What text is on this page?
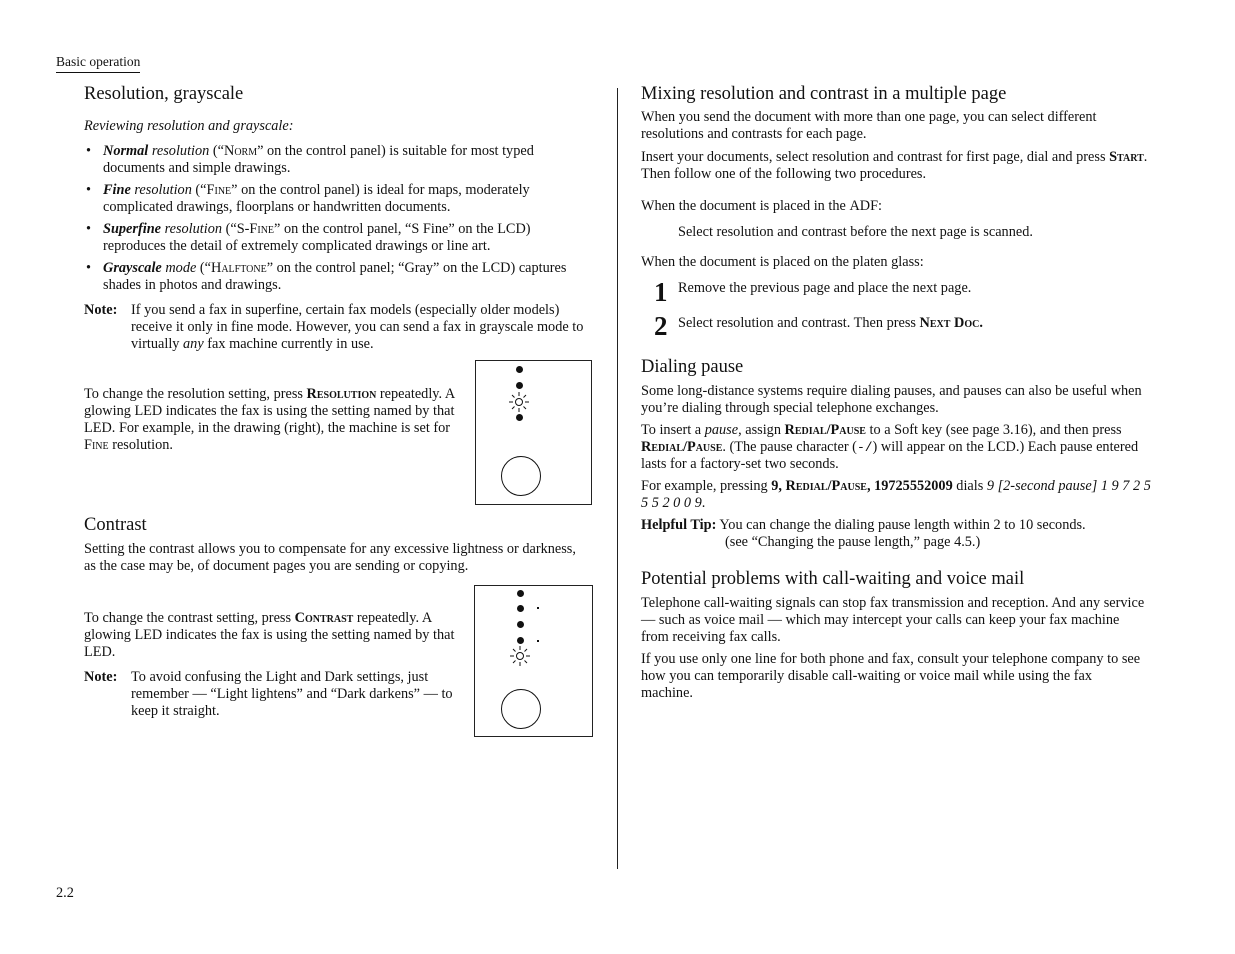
Basic operation
Resolution, grayscale
Reviewing resolution and grayscale:
• Normal resolution (“Norm” on the control panel) is suitable for most typed documents and simple drawings.
• Fine resolution (“Fine” on the control panel) is ideal for maps, moderately complicated drawings, floorplans or handwritten documents.
• Superfine resolution (“S-Fine” on the control panel, “S Fine” on the LCD) reproduces the detail of extremely complicated drawings or line art.
• Grayscale mode (“Halftone” on the control panel; “Gray” on the LCD) captures shades in photos and drawings.
Note: If you send a fax in superfine, certain fax models (especially older models) receive it only in fine mode. However, you can send a fax in grayscale mode to virtually any fax machine currently in use.

To change the resolution setting, press Resolution repeatedly. A glowing LED indicates the fax is using the setting named by that LED. For example, in the drawing (right), the machine is set for Fine resolution.

Contrast

Setting the contrast allows you to compensate for any excessive lightness or darkness, as the case may be, of document pages you are sending or copying.

To change the contrast setting, press Contrast repeatedly. A glowing LED indicates the fax is using the setting named by that LED.

Note: To avoid confusing the Light and Dark settings, just remember — “Light lightens” and “Dark darkens” — to keep it straight.
Mixing resolution and contrast in a multiple page

When you send the document with more than one page, you can select different resolutions and contrasts for each page.

Insert your documents, select resolution and contrast for first page, dial and press Start. Then follow one of the following two procedures.

When the document is placed in the ADF:

Select resolution and contrast before the next page is scanned.

When the document is placed on the platen glass:

1 Remove the previous page and place the next page.

2 Select resolution and contrast. Then press Next Doc.

Dialing pause

Some long-distance systems require dialing pauses, and pauses can also be useful when you’re dialing through special telephone exchanges.

To insert a pause, assign Redial/Pause to a Soft key (see page 3.16), and then press Redial/Pause. (The pause character (-/) will appear on the LCD.) Each pause entered lasts for a factory-set two seconds.

For example, pressing 9, Redial/Pause, 19725552009 dials 9 [2-second pause] 1 9 7 2 5 5 5 2 0 0 9.

Helpful Tip: You can change the dialing pause length within 2 to 10 seconds.
(see “Changing the pause length,” page 4.5.)
Potential problems with call-waiting and voice mail

Telephone call-waiting signals can stop fax transmission and reception. And any service — such as voice mail — which may intercept your calls can keep your fax machine from receiving fax calls.

If you use only one line for both phone and fax, consult your telephone company to see how you can temporarily disable call-waiting or voice mail while using the fax machine.

2.2
